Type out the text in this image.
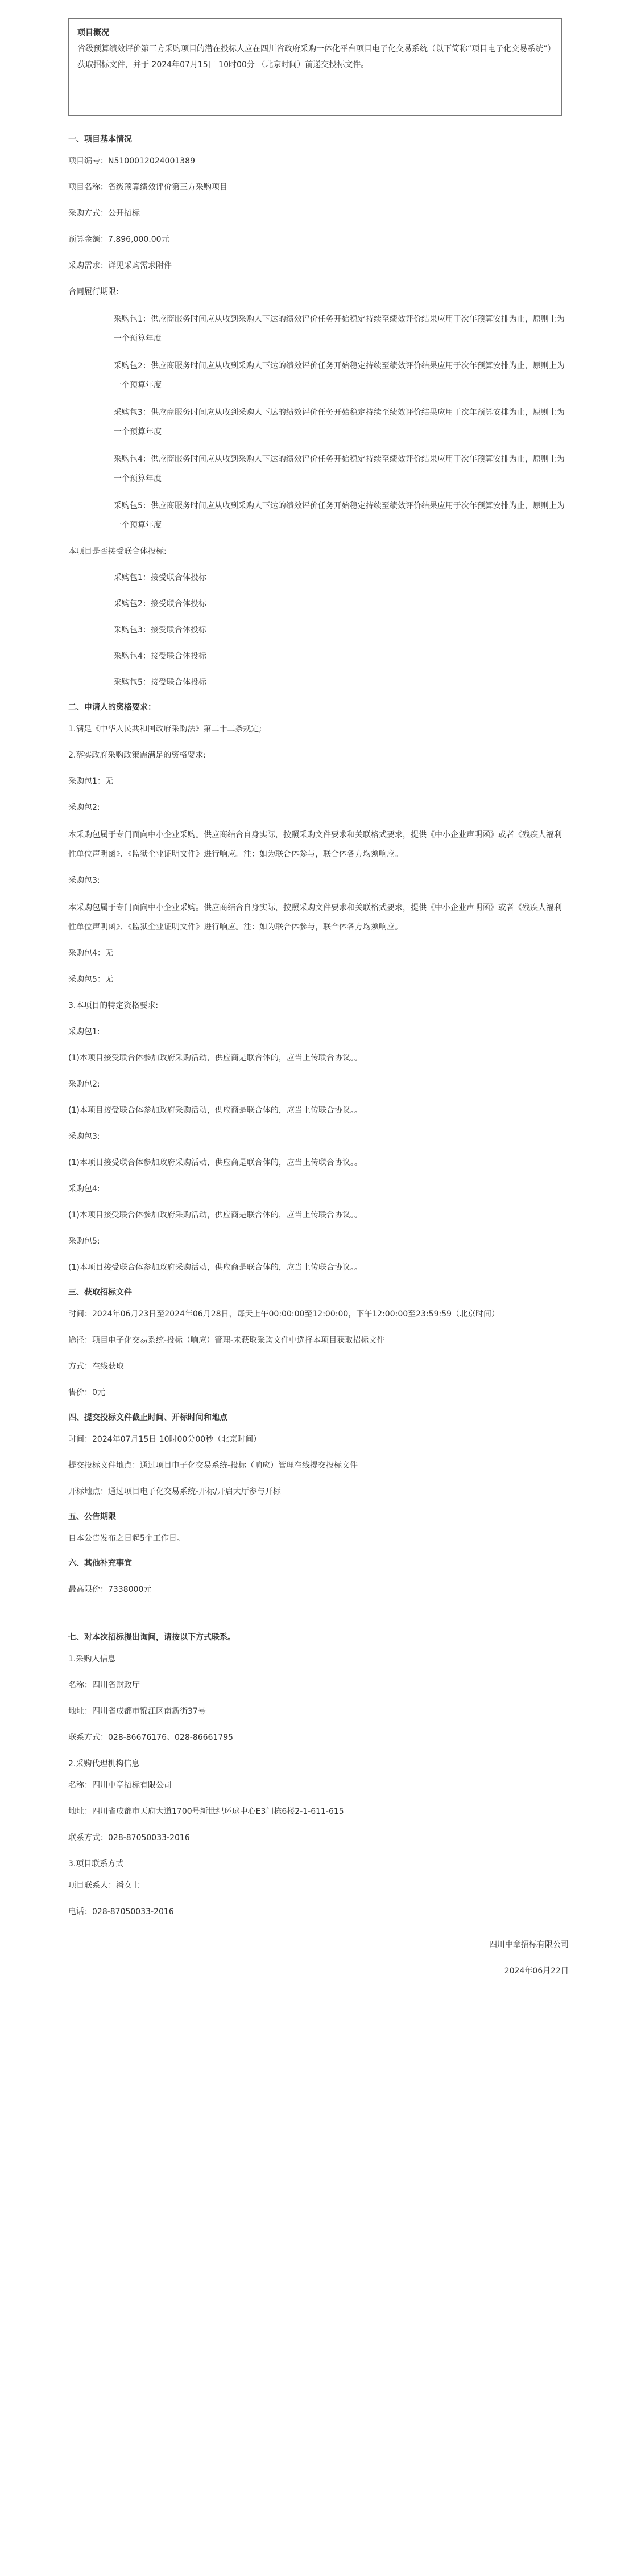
项目概况
省级预算绩效评价第三方采购项目的潜在投标人应在四川省政府采购一体化平台项目电子化交易系统（以下简称“项目电子化交易系统”）获取招标文件，并于 2024年07月15日 10时00分 （北京时间）前递交投标文件。
一、项目基本情况
项目编号：N5100012024001389
项目名称：省级预算绩效评价第三方采购项目
采购方式：公开招标
预算金额：7,896,000.00元
采购需求：详见采购需求附件
合同履行期限:
采购包1：供应商服务时间应从收到采购人下达的绩效评价任务开始稳定持续至绩效评价结果应用于次年预算安排为止，原则上为一个预算年度
采购包2：供应商服务时间应从收到采购人下达的绩效评价任务开始稳定持续至绩效评价结果应用于次年预算安排为止，原则上为一个预算年度
采购包3：供应商服务时间应从收到采购人下达的绩效评价任务开始稳定持续至绩效评价结果应用于次年预算安排为止，原则上为一个预算年度
采购包4：供应商服务时间应从收到采购人下达的绩效评价任务开始稳定持续至绩效评价结果应用于次年预算安排为止，原则上为一个预算年度
采购包5：供应商服务时间应从收到采购人下达的绩效评价任务开始稳定持续至绩效评价结果应用于次年预算安排为止，原则上为一个预算年度
本项目是否接受联合体投标:
采购包1：接受联合体投标
采购包2：接受联合体投标
采购包3：接受联合体投标
采购包4：接受联合体投标
采购包5：接受联合体投标
二、申请人的资格要求：
1.满足《中华人民共和国政府采购法》第二十二条规定;
2.落实政府采购政策需满足的资格要求:
采购包1：无
采购包2:
本采购包属于专门面向中小企业采购。供应商结合自身实际，按照采购文件要求和关联格式要求，提供《中小企业声明函》或者《残疾人福利性单位声明函》、《监狱企业证明文件》进行响应。注：如为联合体参与，联合体各方均须响应。
采购包3:
本采购包属于专门面向中小企业采购。供应商结合自身实际，按照采购文件要求和关联格式要求，提供《中小企业声明函》或者《残疾人福利性单位声明函》、《监狱企业证明文件》进行响应。注：如为联合体参与，联合体各方均须响应。
采购包4：无
采购包5：无
3.本项目的特定资格要求:
采购包1:
(1)本项目接受联合体参加政府采购活动，供应商是联合体的，应当上传联合协议。。
采购包2:
(1)本项目接受联合体参加政府采购活动，供应商是联合体的，应当上传联合协议。。
采购包3:
(1)本项目接受联合体参加政府采购活动，供应商是联合体的，应当上传联合协议。。
采购包4:
(1)本项目接受联合体参加政府采购活动，供应商是联合体的，应当上传联合协议。。
采购包5:
(1)本项目接受联合体参加政府采购活动，供应商是联合体的，应当上传联合协议。。
三、获取招标文件
时间：2024年06月23日至2024年06月28日，每天上午00:00:00至12:00:00，下午12:00:00至23:59:59（北京时间）
途径：项目电子化交易系统-投标（响应）管理-未获取采购文件中选择本项目获取招标文件
方式：在线获取
售价：0元
四、提交投标文件截止时间、开标时间和地点
时间：2024年07月15日 10时00分00秒（北京时间）
提交投标文件地点：通过项目电子化交易系统-投标（响应）管理在线提交投标文件
开标地点：通过项目电子化交易系统-开标/开启大厅参与开标
五、公告期限
自本公告发布之日起5个工作日。
六、其他补充事宜
最高限价：7338000元
七、对本次招标提出询问，请按以下方式联系。
1.采购人信息
名称：四川省财政厅
地址：四川省成都市锦江区南新街37号
联系方式：028-86676176、028-86661795
2.采购代理机构信息
名称：四川中章招标有限公司
地址：四川省成都市天府大道1700号新世纪环球中心E3门栋6楼2-1-611-615
联系方式：028-87050033-2016
3.项目联系方式
项目联系人：潘女士
电话：028-87050033-2016
四川中章招标有限公司
2024年06月22日
